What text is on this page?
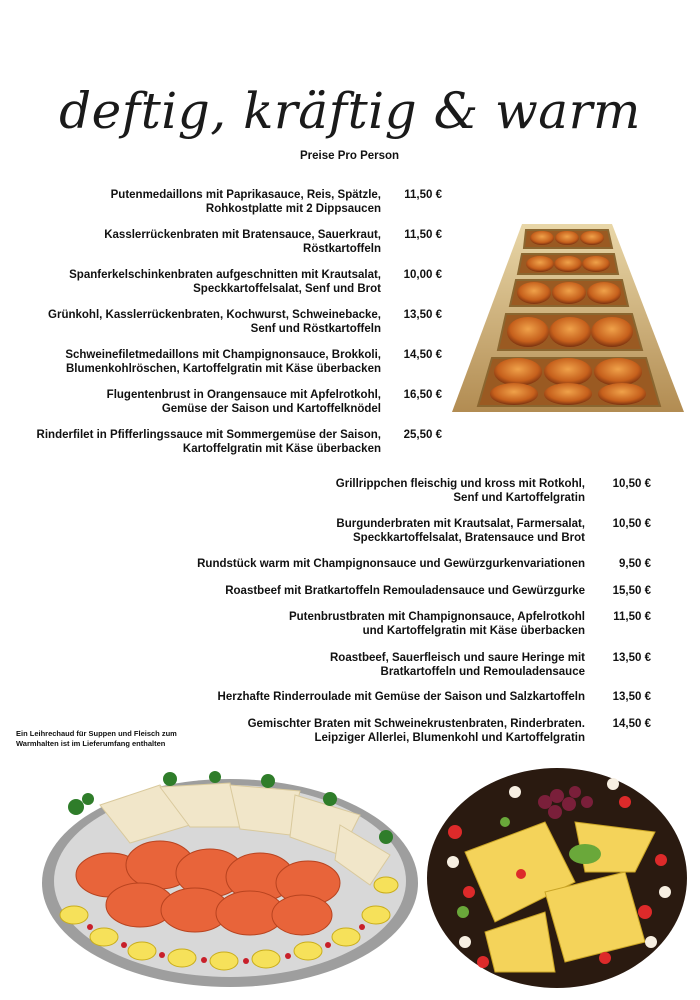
deftig, kräftig & warm
Preise Pro Person
Putenmedaillons mit Paprikasauce, Reis, Spätzle,
Rohkostplatte mit 2 Dippsaucen
11,50 €
Kasslerrückenbraten mit Bratensauce, Sauerkraut,
Röstkartoffeln
11,50 €
Spanferkelschinkenbraten aufgeschnitten mit Krautsalat,
Speckkartoffelsalat, Senf und Brot
10,00 €
Grünkohl, Kasslerrückenbraten, Kochwurst, Schweinebacke,
Senf und Röstkartoffeln
13,50 €
Schweinefiletmedaillons mit Champignonsauce, Brokkoli,
Blumenkohlröschen, Kartoffelgratin mit Käse überbacken
14,50 €
Flugentenbrust in Orangensauce mit Apfelrotkohl,
Gemüse der Saison und Kartoffelknödel
16,50 €
Rinderfilet in Pfifferlingssauce mit Sommergemüse der Saison,
Kartoffelgratin mit Käse überbacken
25,50 €
Grillrippchen fleischig und kross mit Rotkohl,
Senf und Kartoffelgratin
10,50 €
Burgunderbraten mit Krautsalat, Farmersalat,
Speckkartoffelsalat, Bratensauce und Brot
10,50 €
Rundstück warm mit Champignonsauce und Gewürzgurkenvariationen	9,50 €
Roastbeef mit Bratkartoffeln Remouladensauce und Gewürzgurke 15,50 €
Putenbrustbraten mit Champignonsauce, Apfelrotkohl
und Kartoffelgratin mit Käse überbacken
11,50 €
Roastbeef, Sauerfleisch und saure Heringe mit
Bratkartoffeln und Remouladensauce
13,50 €
Herzhafte Rinderroulade mit Gemüse der Saison und Salzkartoffeln 13,50 €
Gemischter Braten mit Schweinekrustenbraten, Rinderbraten.
Leipziger Allerlei, Blumenkohl und Kartoffelgratin
14,50 €
Ein Leihrechaud für Suppen und Fleisch zum
Warmhalten ist im Lieferumfang enthalten
